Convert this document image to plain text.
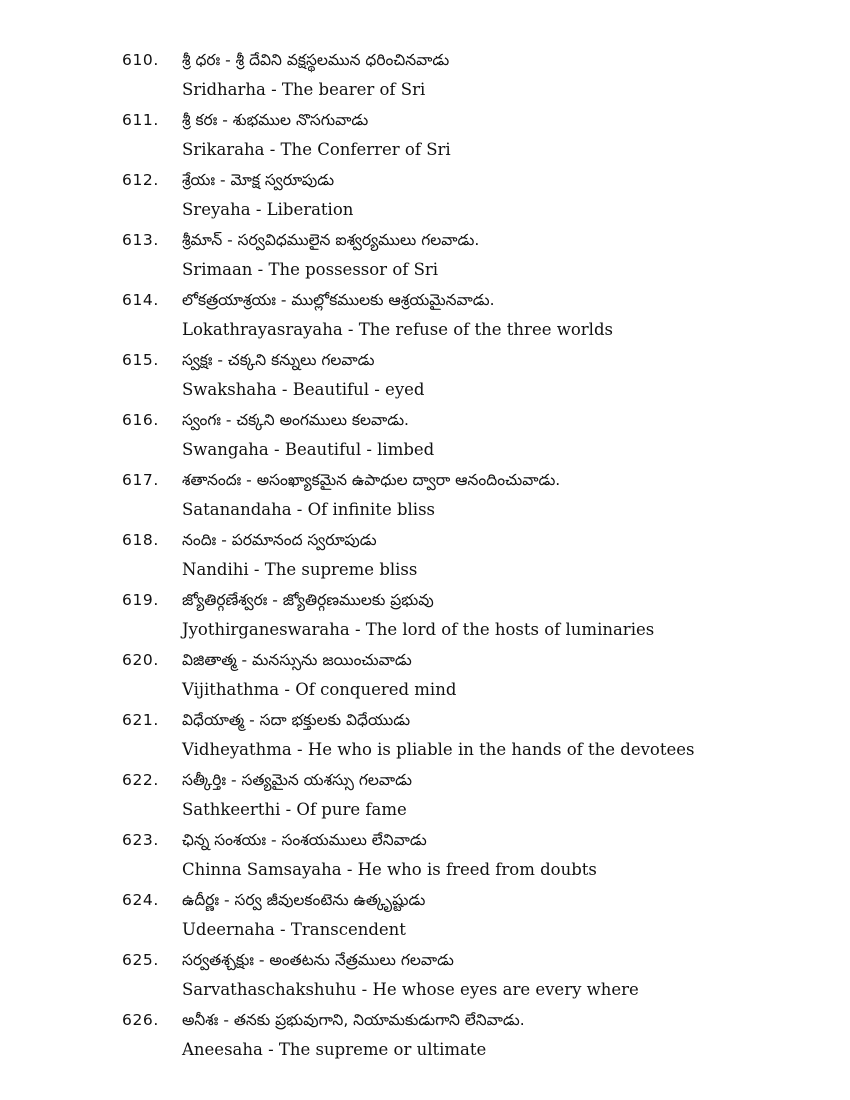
610.	శ్రీ ధరః - శ్రీ దేవిని వక్షస్థలమున ధరించినవాడు
Sridharha - The bearer of Sri
611.	శ్రీ కరః - శుభముల నొసగువాడు
Srikaraha - The Conferrer of Sri
612.	శ్రేయః - మోక్ష స్వరూపుడు
Sreyaha - Liberation
613.	శ్రీమాన్ - సర్వవిధములైన ఐశ్వర్యములు గలవాడు.
Srimaan - The possessor of Sri
614.	లోకత్రయాశ్రయః - ముల్లోకములకు ఆశ్రయమైనవాడు.
Lokathrayasrayaha - The refuse of the three worlds
615.	స్వక్షః - చక్కని కన్నులు గలవాడు
Swakshaha - Beautiful - eyed
616.	స్వంగః - చక్కని అంగములు కలవాడు.
Swangaha - Beautiful - limbed
617.	శతానందః - అసంఖ్యాకమైన ఉపాధుల ద్వారా ఆనందించువాడు.
Satanandaha - Of infinite bliss
618.	నందిః - పరమానంద స్వరూపుడు
Nandihi - The supreme bliss
619.	జ్యోతిర్గణేశ్వరః - జ్యోతిర్గణములకు ప్రభువు
Jyothirganeswaraha - The lord of the hosts of luminaries
620.	విజితాత్మ - మనస్సును జయించువాడు
Vijithathma - Of conquered mind
621.	విధేయాత్మ - సదా భక్తులకు విధేయుడు
Vidheyathma - He who is pliable in the hands of the devotees
622.	సత్కీర్తిః - సత్యమైన యశస్సు గలవాడు
Sathkeerthi - Of pure fame
623.	ఛిన్న సంశయః - సంశయములు లేనివాడు
Chinna Samsayaha - He who is freed from doubts
624.	ఉదీర్ణః - సర్వ జీవులకంటెను ఉత్కృష్టుడు
Udeernaha - Transcendent
625.	సర్వతశ్చక్షుః - అంతటను నేత్రములు గలవాడు
Sarvathaschakshuhu - He whose eyes are every where
626.	అనీశః - తనకు ప్రభువుగాని, నియామకుడుగాని లేనివాడు.
Aneesaha - The supreme or ultimate
